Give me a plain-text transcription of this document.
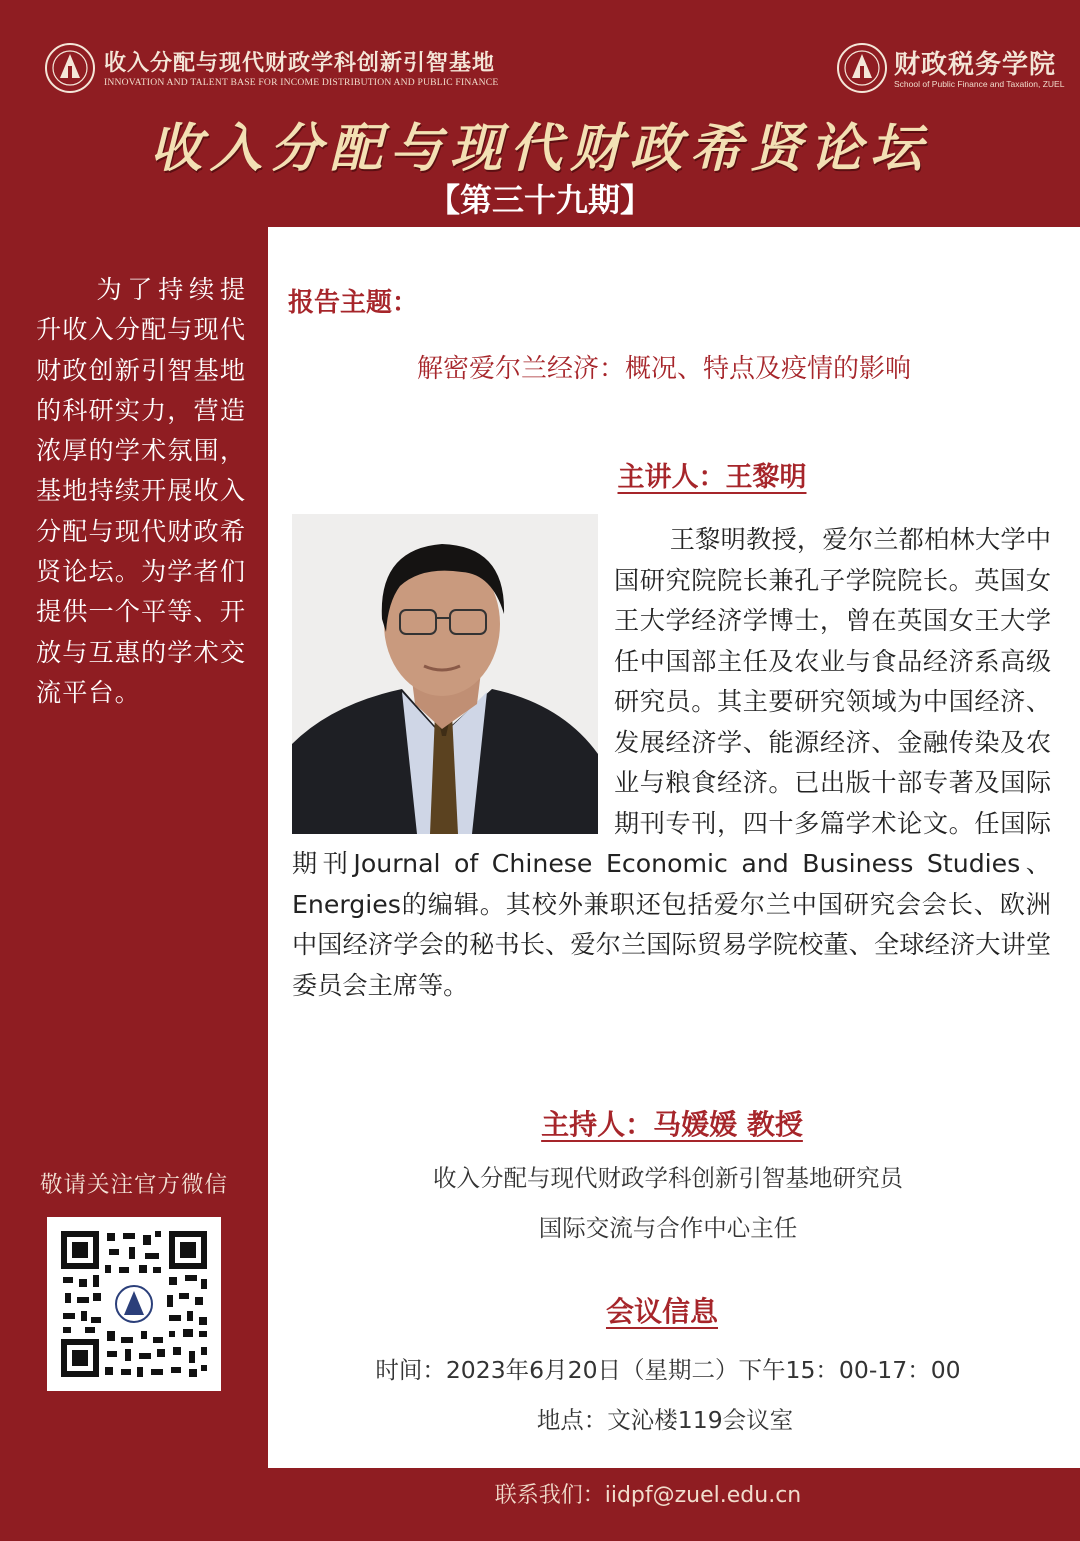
收入分配与现代财政学科创新引智基地
INNOVATION AND TALENT BASE FOR INCOME DISTRIBUTION AND PUBLIC FINANCE
财政税务学院
School of Public Finance and Taxation, ZUEL
收入分配与现代财政希贤论坛
【第三十九期】
为了持续提升收入分配与现代财政创新引智基地的科研实力，营造浓厚的学术氛围，基地持续开展收入分配与现代财政希贤论坛。为学者们提供一个平等、开放与互惠的学术交流平台。
敬请关注官方微信
报告主题：
解密爱尔兰经济：概况、特点及疫情的影响
主讲人：王黎明
王黎明教授，爱尔兰都柏林大学中国研究院院长兼孔子学院院长。英国女王大学经济学博士，曾在英国女王大学任中国部主任及农业与食品经济系高级研究员。其主要研究领域为中国经济、发展经济学、能源经济、金融传染及农业与粮食经济。已出版十部专著及国际期刊专刊，四十多篇学术论文。任国际期刊Journal of Chinese Economic and Business Studies、Energies的编辑。其校外兼职还包括爱尔兰中国研究会会长、欧洲中国经济学会的秘书长、爱尔兰国际贸易学院校董、全球经济大讲堂委员会主席等。
主持人：马媛媛 教授
收入分配与现代财政学科创新引智基地研究员
国际交流与合作中心主任
会议信息
时间：2023年6月20日（星期二）下午15：00-17：00
地点：文沁楼119会议室
联系我们：iidpf@zuel.edu.cn
